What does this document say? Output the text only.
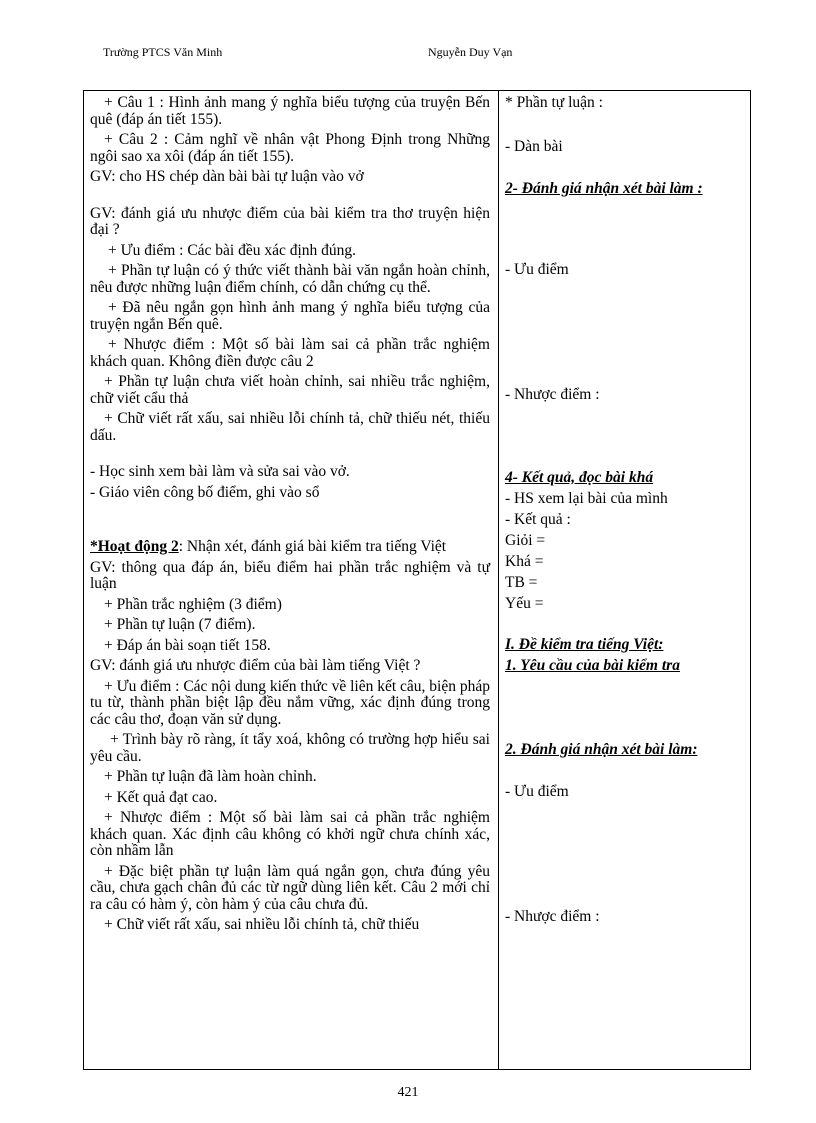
Trường PTCS Văn Minh	Nguyễn Duy Vạn

+ Câu 1 : Hình ảnh mang ý nghĩa biểu tượng của truyện Bến quê (đáp án tiết 155).

+ Câu 2 : Cảm nghĩ về nhân vật Phong Định trong Những ngôi sao xa xôi (đáp án tiết 155).

GV: cho HS chép dàn bài bài tự luận vào vở

GV: đánh giá ưu nhược điểm của bài kiểm tra thơ truyện hiện đại ?

+ Ưu điểm : Các bài đều xác định đúng.

+ Phần tự luận có ý thức viết thành bài văn ngắn hoàn chỉnh, nêu được những luận điểm chính, có dẫn chứng cụ thể.

+ Đã nêu ngắn gọn hình ảnh mang ý nghĩa biểu tượng của truyện ngắn Bến quê.

+ Nhược điểm : Một số bài làm sai cả phần trắc nghiệm khách quan. Không điền được câu 2

+ Phần tự luận chưa viết hoàn chỉnh, sai nhiều trắc nghiệm, chữ viết cẩu thả

+ Chữ viết rất xấu, sai nhiều lỗi chính tả, chữ thiếu nét, thiếu dấu.

- Học sinh xem bài làm và sửa sai vào vở.

- Giáo viên công bố điểm, ghi vào sổ

*Hoạt động 2: Nhận xét, đánh giá bài kiểm tra tiếng Việt

GV: thông qua đáp án, biểu điểm hai phần trắc nghiệm và tự luận

+ Phần trắc nghiệm (3 điểm)

+ Phần tự luận (7 điểm).

+ Đáp án bài soạn tiết 158.

GV: đánh giá ưu nhược điểm của bài làm tiếng Việt ?

+ Ưu điểm : Các nội dung kiến thức về liên kết câu, biện pháp tu từ, thành phần biệt lập đều nắm vững, xác định đúng trong các câu thơ, đoạn văn sử dụng.

+ Trình bày rõ ràng, ít tẩy xoá, không có trường hợp hiểu sai yêu cầu.

+ Phần tự luận đã làm hoàn chỉnh.

+ Kết quả đạt cao.

+ Nhược điểm : Một số bài làm sai cả phần trắc nghiệm khách quan. Xác định câu không có khởi ngữ chưa chính xác, còn nhầm lẫn

+ Đặc biệt phần tự luận làm quá ngắn gọn, chưa đúng yêu cầu, chưa gạch chân đủ các từ ngữ dùng liên kết. Câu 2 mới chỉ ra câu có hàm ý, còn hàm ý của câu chưa đủ.

+ Chữ viết rất xấu, sai nhiều lỗi chính tả, chữ thiếu

* Phần tự luận :
- Dàn bài
2- Đánh giá nhận xét bài làm :
- Ưu điểm
- Nhược điểm :
4- Kết quả, đọc bài khá
- HS xem lại bài của mình
- Kết quả :
Giỏi =
Khá =
TB =
Yếu =
I. Đề kiểm tra tiếng Việt:
1. Yêu cầu của bài kiểm tra
2. Đánh giá nhận xét bài làm:
- Ưu điểm
- Nhược điểm :
421
